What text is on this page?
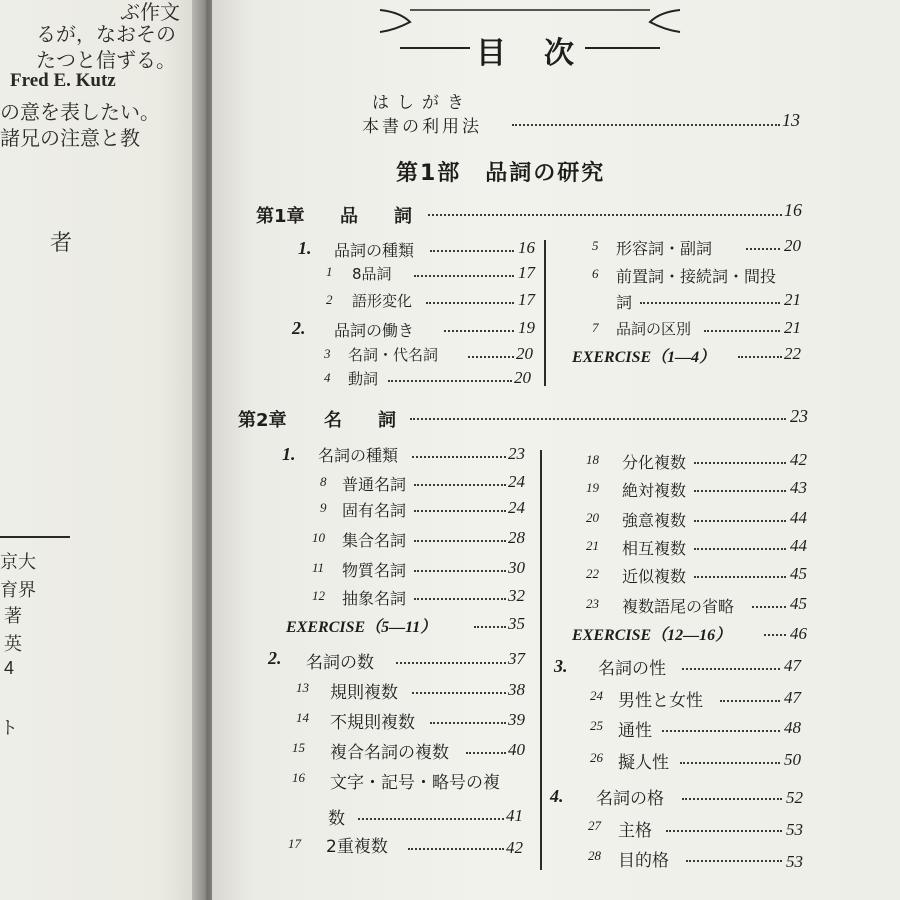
ぶ作文
るが，なおその
たつと信ずる。
Fred E. Kutz
の意を表したい。
諸兄の注意と教
者
京大
育界
著
英
4
ト
目　次
はしがき
本書の利用法	13
第1部　品詞の研究
第1章 品　　詞	16
1. 品詞の種類	16
1 8品詞	17
2 語形変化	17
2. 品詞の働き	19
3 名詞・代名詞	20
4 動詞	20
5 形容詞・副詞	20
6 前置詞・接続詞・間投
詞	21
7 品詞の区別	21
EXERCISE（1—4）	22
第2章 名　　詞	23
1. 名詞の種類	23
8 普通名詞	24
9 固有名詞	24
10 集合名詞	28
11 物質名詞	30
12 抽象名詞	32
EXERCISE（5—11）	35
2. 名詞の数	37
13 規則複数	38
14 不規則複数	39
15 複合名詞の複数	40
16 文字・記号・略号の複
数	41
17 2重複数	42
18 分化複数	42
19 絶対複数	43
20 強意複数	44
21 相互複数	44
22 近似複数	45
23 複数語尾の省略	45
EXERCISE（12—16）	46
3. 名詞の性	47
24 男性と女性	47
25 通性	48
26 擬人性	50
4. 名詞の格	52
27 主格	53
28 目的格	53
